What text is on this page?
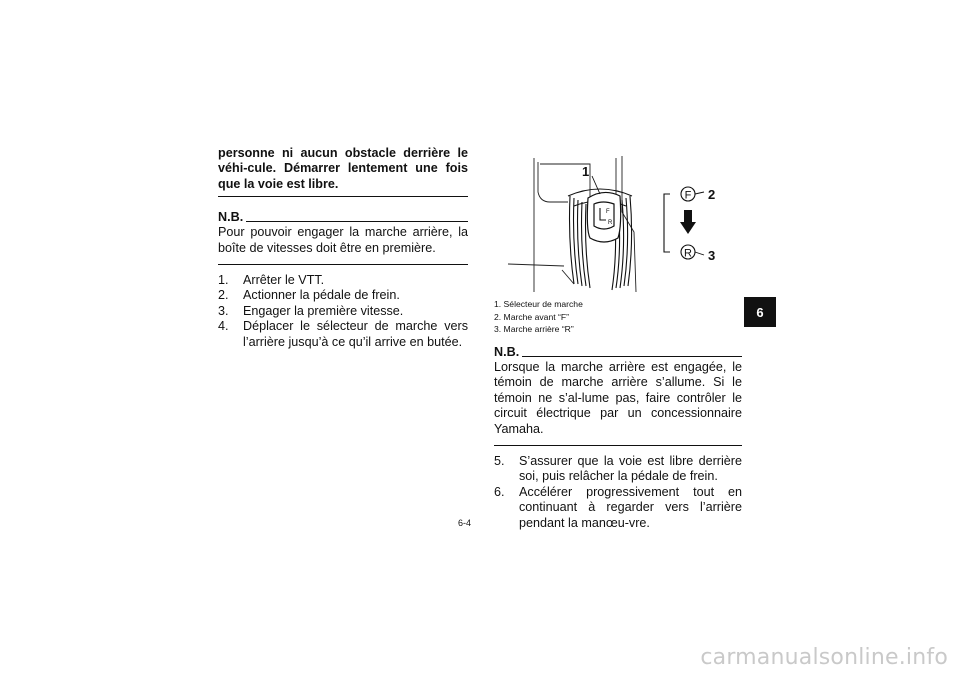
personne ni aucun obstacle derrière le véhi-cule. Démarrer lentement une fois que la voie est libre.

N.B.

Pour pouvoir engager la marche arrière, la boîte de vitesses doit être en première.

1.	Arrêter le VTT.
2.	Actionner la pédale de frein.
3.	Engager la première vitesse.
4.	Déplacer le sélecteur de marche vers l’arrière jusqu’à ce qu’il arrive en butée.
F
R
1
F 2
R 3
1. Sélecteur de marche
2. Marche avant “F”
3. Marche arrière “R”
N.B.

Lorsque la marche arrière est engagée, le témoin de marche arrière s’allume. Si le témoin ne s’al-lume pas, faire contrôler le circuit électrique par un concessionnaire Yamaha.

5.	S’assurer que la voie est libre derrière soi, puis relâcher la pédale de frein.
6.	Accélérer progressivement tout en continuant à regarder vers l’arrière pendant la manœu-vre.
6
6-4
carmanualsonline.info
